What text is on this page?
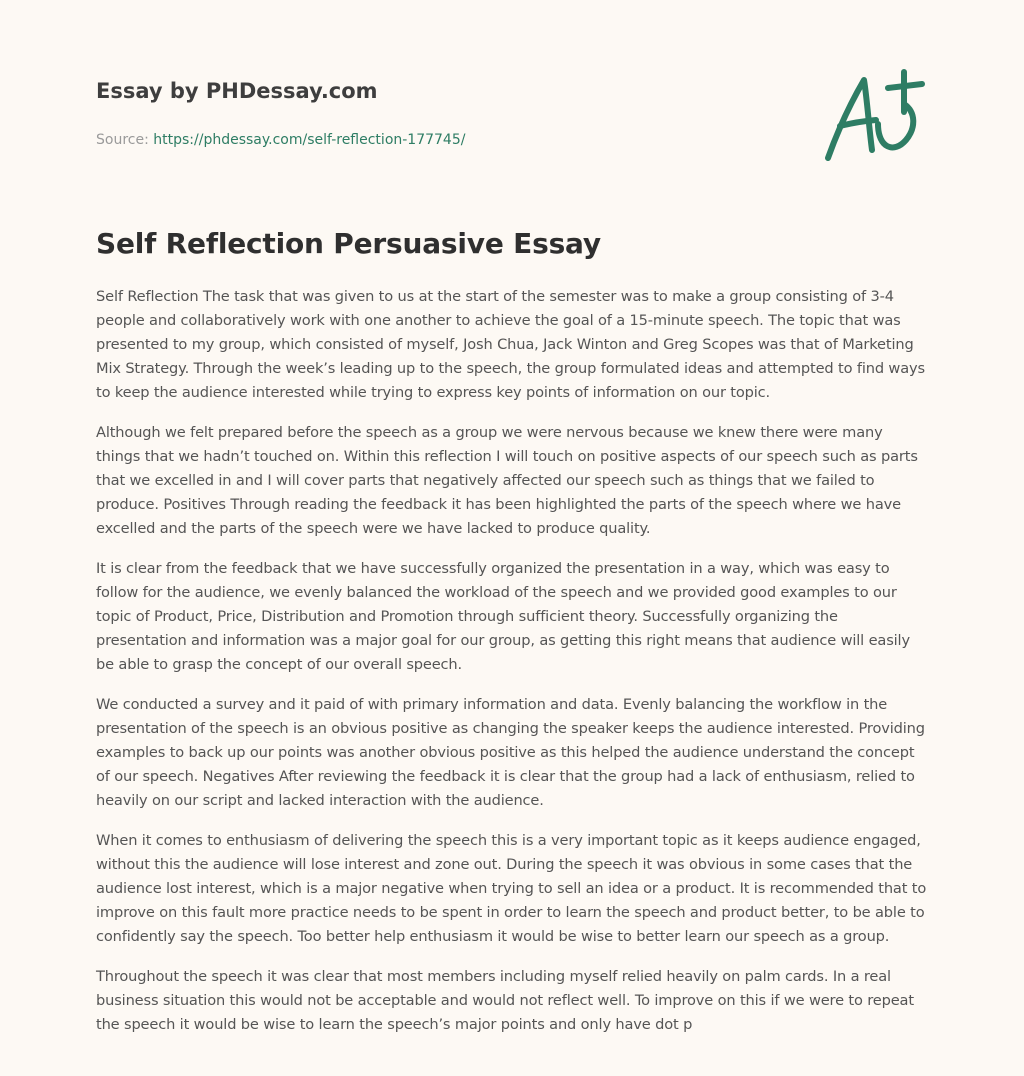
Essay by PHDessay.com
Source: https://phdessay.com/self-reflection-177745/
Self Reflection Persuasive Essay

Self Reflection The task that was given to us at the start of the semester was to make a group consisting of 3-4 people and collaboratively work with one another to achieve the goal of a 15-minute speech. The topic that was presented to my group, which consisted of myself, Josh Chua, Jack Winton and Greg Scopes was that of Marketing Mix Strategy. Through the week’s leading up to the speech, the group formulated ideas and attempted to find ways to keep the audience interested while trying to express key points of information on our topic.

Although we felt prepared before the speech as a group we were nervous because we knew there were many things that we hadn’t touched on. Within this reflection I will touch on positive aspects of our speech such as parts that we excelled in and I will cover parts that negatively affected our speech such as things that we failed to produce. Positives Through reading the feedback it has been highlighted the parts of the speech where we have excelled and the parts of the speech were we have lacked to produce quality.

It is clear from the feedback that we have successfully organized the presentation in a way, which was easy to follow for the audience, we evenly balanced the workload of the speech and we provided good examples to our topic of Product, Price, Distribution and Promotion through sufficient theory. Successfully organizing the presentation and information was a major goal for our group, as getting this right means that audience will easily be able to grasp the concept of our overall speech.

We conducted a survey and it paid of with primary information and data. Evenly balancing the workflow in the presentation of the speech is an obvious positive as changing the speaker keeps the audience interested. Providing examples to back up our points was another obvious positive as this helped the audience understand the concept of our speech. Negatives After reviewing the feedback it is clear that the group had a lack of enthusiasm, relied to heavily on our script and lacked interaction with the audience.

When it comes to enthusiasm of delivering the speech this is a very important topic as it keeps audience engaged, without this the audience will lose interest and zone out. During the speech it was obvious in some cases that the audience lost interest, which is a major negative when trying to sell an idea or a product. It is recommended that to improve on this fault more practice needs to be spent in order to learn the speech and product better, to be able to confidently say the speech. Too better help enthusiasm it would be wise to better learn our speech as a group.

Throughout the speech it was clear that most members including myself relied heavily on palm cards. In a real business situation this would not be acceptable and would not reflect well. To improve on this if we were to repeat the speech it would be wise to learn the speech’s major points and only have dot p
